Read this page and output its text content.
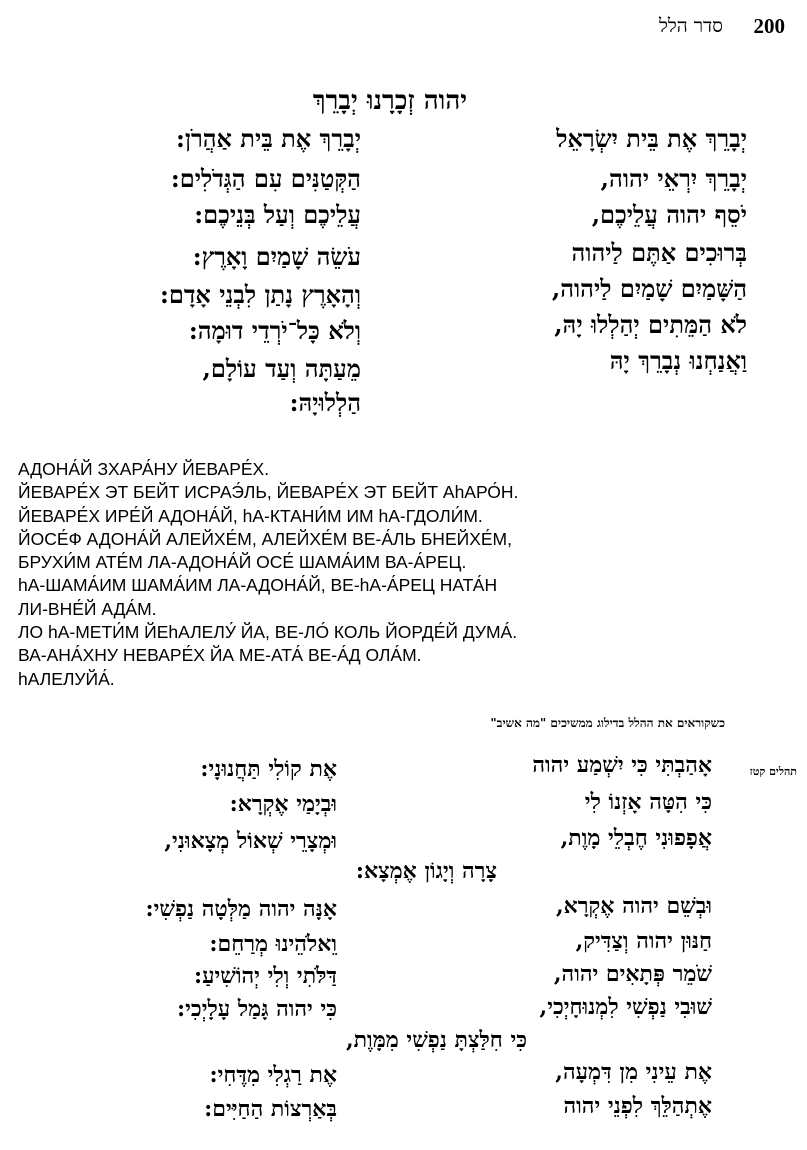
סדר הלל 200
יהוה זְכָרָנוּ יְבָרֵךְ
יְבָרֵךְ אֶת בֵּית יִשְׂרָאֵל
יְבָרֵךְ אֶת בֵּית אַהֲרֹן:
יְבָרֵךְ יִרְאֵי יהוה,
הַקְּטַנִּים עִם הַגְּדֹלִים:
יֹסֵף יהוה עֲלֵיכֶם,
עֲלֵיכֶם וְעַל בְּנֵיכֶם:
בְּרוּכִים אַתֶּם לַיהוה
עֹשֵׂה שָׁמַיִם וָאָרֶץ:
הַשָּׁמַיִם שָׁמַיִם לַיהוה,
וְהָאָרֶץ נָתַן לִבְנֵי אָדָם:
לֹא הַמֵּתִים יְהַלְלוּ יָהּ,
וְלֹא כָּל־יֹרְדֵי דוּמָה:
וַאֲנַחְנוּ נְבָרֵךְ יָהּ
מֵעַתָּה וְעַד עוֹלָם,
הַלְלוּיָהּ:
АДОНА́Й ЗХАРА́НУ ЙЕВАРЕ́Х.
ЙЕВАРЕ́Х ЭТ БЕЙТ ИСРАЭ́ЛЬ, ЙЕВАРЕ́Х ЭТ БЕЙТ АhАРО́Н.
ЙЕВАРЕ́Х ИРЕ́Й АДОНА́Й, hА-КТАНИ́М ИМ hА-ГДОЛИ́М.
ЙОСЕ́Ф АДОНА́Й АЛЕЙХЕ́М, АЛЕЙХЕ́М ВЕ-А́ЛЬ БНЕЙХЕ́М,
БРУХИ́М АТЕ́М ЛА-АДОНА́Й ОСЕ́ ШАМА́ИМ ВА-А́РЕЦ.
hА-ШАМА́ИМ ШАМА́ИМ ЛА-АДОНА́Й, ВЕ-hА-А́РЕЦ НАТА́Н
ЛИ-ВНЕ́Й АДА́М.
ЛО hА-МЕТИ́М ЙЕhАЛЕЛУ́ ЙА, ВЕ-ЛО́ КОЛЬ ЙОРДЕ́Й ДУМА́.
ВА-АНА́ХНУ НЕВАРЕ́Х ЙА МЕ-АТА́ ВЕ-А́Д ОЛА́М.
hАЛЕЛУЙА́.
כשקוראים את ההלל בדילוג ממשיכים "מה אשיב"
תהלים קטז
אָהַבְתִּי כִּי יִשְׁמַע יהוה
אֶת קוֹלִי תַּחֲנוּנָי:
כִּי הִטָּה אָזְנוֹ לִי
וּבְיָמַי אֶקְרָא:
אֲפָפוּנִי חֶבְלֵי מָוֶת,
וּמְצָרֵי שְׁאוֹל מְצָאוּנִי,
צָרָה וְיָגוֹן אֶמְצָא:
וּבְשֵׁם יהוה אֶקְרָא,
אָנָּה יהוה מַלְּטָה נַפְשִׁי:
חַנּוּן יהוה וְצַדִּיק,
וֵאלֹהֵינוּ מְרַחֵם:
שֹׁמֵר פְּתָאִים יהוה,
דַּלֹּתִי וְלִי יְהוֹשִׁיעַ:
שׁוּבִי נַפְשִׁי לִמְנוּחָיְכִי,
כִּי יהוה גָּמַל עָלָיְכִי:
כִּי חִלַּצְתָּ נַפְשִׁי מִמָּוֶת,
אֶת עֵינִי מִן דִּמְעָה,
אֶת רַגְלִי מִדֶּחִי:
אֶתְהַלֵּךְ לִפְנֵי יהוה
בְּאַרְצוֹת הַחַיִּים:
